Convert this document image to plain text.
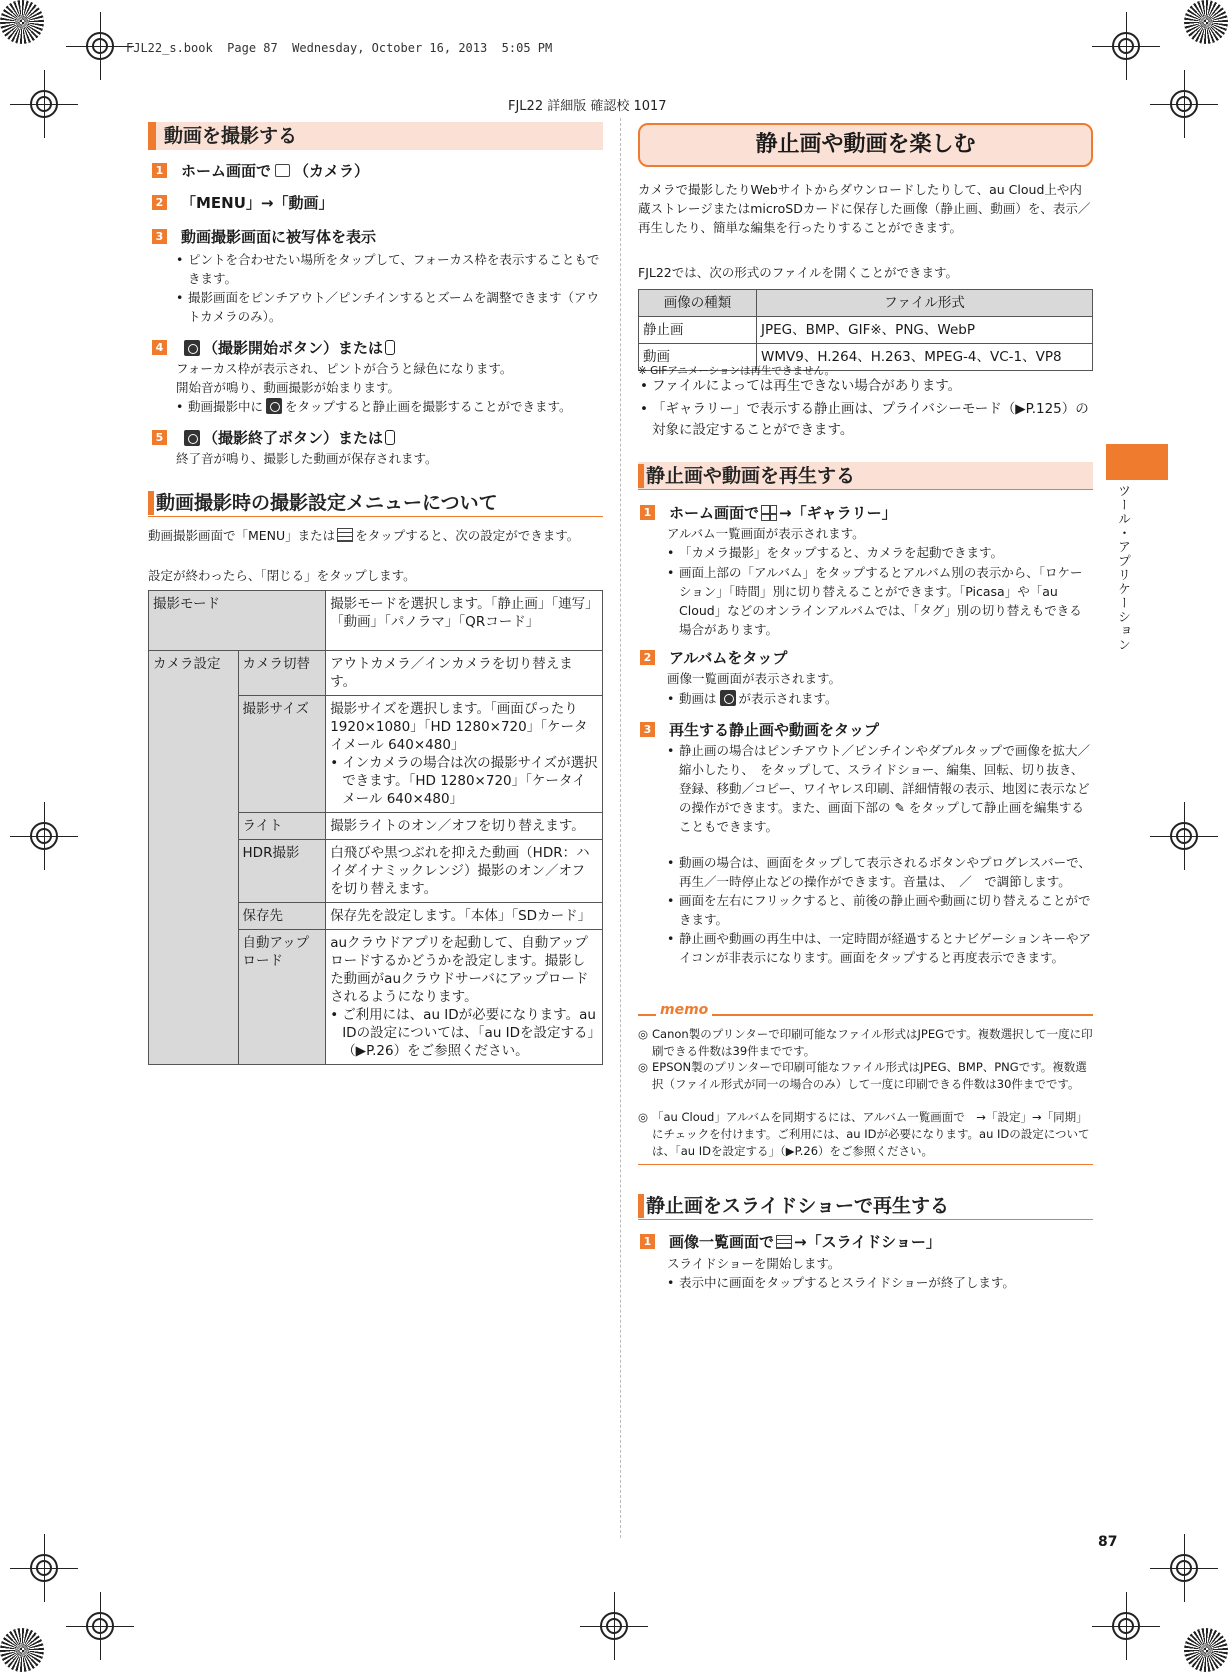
FJL22_s.book  Page 87  Wednesday, October 16, 2013  5:05 PM
FJL22 詳細版 確認校 1017
ツール・アプリケーション
動画を撮影する
1 ホーム画面で （カメラ）
2 「MENU」→「動画」
3 動画撮影画面に被写体を表示
• ピントを合わせたい場所をタップして、フォーカス枠を表示することもできます。
• 撮影画面をピンチアウト／ピンチインするとズームを調整できます（アウトカメラのみ）。
4	（撮影開始ボタン）または
フォーカス枠が表示され、ピントが合うと緑色になります。
開始音が鳴り、動画撮影が始まります。
• 動画撮影中に をタップすると静止画を撮影することができます。
5	（撮影終了ボタン）または
終了音が鳴り、撮影した動画が保存されます。
動画撮影時の撮影設定メニューについて
動画撮影画面で「MENU」または をタップすると、次の設定ができます。
設定が終わったら、「閉じる」をタップします。
撮影モード		撮影モードを選択します。「静止画」「連写」「動画」「パノラマ」「QRコード」
カメラ設定	カメラ切替	アウトカメラ／インカメラを切り替えます。
	撮影サイズ	撮影サイズを選択します。「画面ぴったり 1920×1080」「HD 1280×720」「ケータイメール 640×480」
• インカメラの場合は次の撮影サイズが選択できます。「HD 1280×720」「ケータイメール 640×480」

	ライト	撮影ライトのオン／オフを切り替えます。
	HDR撮影	白飛びや黒つぶれを抑えた動画（HDR：ハイダイナミックレンジ）撮影のオン／オフを切り替えます。
	保存先	保存先を設定します。「本体」「SDカード」
	自動アップロード	auクラウドアプリを起動して、自動アップロードするかどうかを設定します。撮影した動画がauクラウドサーバにアップロードされるようになります。
• ご利用には、au IDが必要になります。au IDの設定については、「au IDを設定する」（▶P.26）をご参照ください。
静止画や動画を楽しむ
カメラで撮影したりWebサイトからダウンロードしたりして、au Cloud上や内蔵ストレージまたはmicroSDカードに保存した画像（静止画、動画）を、表示／再生したり、簡単な編集を行ったりすることができます。
FJL22では、次の形式のファイルを開くことができます。
画像の種類	ファイル形式
静止画	JPEG、BMP、GIF※、PNG、WebP
動画	WMV9、H.264、H.263、MPEG-4、VC-1、VP8
※ GIFアニメーションは再生できません。
• ファイルによっては再生できない場合があります。
• 「ギャラリー」で表示する静止画は、プライバシーモード（▶P.125）の対象に設定することができます。
静止画や動画を再生する
1 ホーム画面で →「ギャラリー」
アルバム一覧画面が表示されます。
• 「カメラ撮影」をタップすると、カメラを起動できます。
• 画面上部の「アルバム」をタップするとアルバム別の表示から、「ロケーション」「時間」別に切り替えることができます。「Picasa」や「au Cloud」などのオンラインアルバムでは、「タグ」別の切り替えもできる場合があります。
2 アルバムをタップ
画像一覧画面が表示されます。
• 動画は が表示されます。
3 再生する静止画や動画をタップ
• 静止画の場合はピンチアウト／ピンチインやダブルタップで画像を拡大／縮小したり、　をタップして、スライドショー、編集、回転、切り抜き、登録、移動／コピー、ワイヤレス印刷、詳細情報の表示、地図に表示などの操作ができます。また、画面下部の ✎ をタップして静止画を編集することもできます。
• 動画の場合は、画面をタップして表示されるボタンやプログレスバーで、再生／一時停止などの操作ができます。音量は、　／　で調節します。
• 画面を左右にフリックすると、前後の静止画や動画に切り替えることができます。
• 静止画や動画の再生中は、一定時間が経過するとナビゲーションキーやアイコンが非表示になります。画面をタップすると再度表示できます。
memo
◎ Canon製のプリンターで印刷可能なファイル形式はJPEGです。複数選択して一度に印刷できる件数は39件までです。
◎ EPSON製のプリンターで印刷可能なファイル形式はJPEG、BMP、PNGです。複数選択（ファイル形式が同一の場合のみ）して一度に印刷できる件数は30件までです。
◎ 「au Cloud」アルバムを同期するには、アルバム一覧画面で　→「設定」→「同期」にチェックを付けます。ご利用には、au IDが必要になります。au IDの設定については、「au IDを設定する」（▶P.26）をご参照ください。
静止画をスライドショーで再生する
1 画像一覧画面で →「スライドショー」
スライドショーを開始します。
• 表示中に画面をタップするとスライドショーが終了します。
87
